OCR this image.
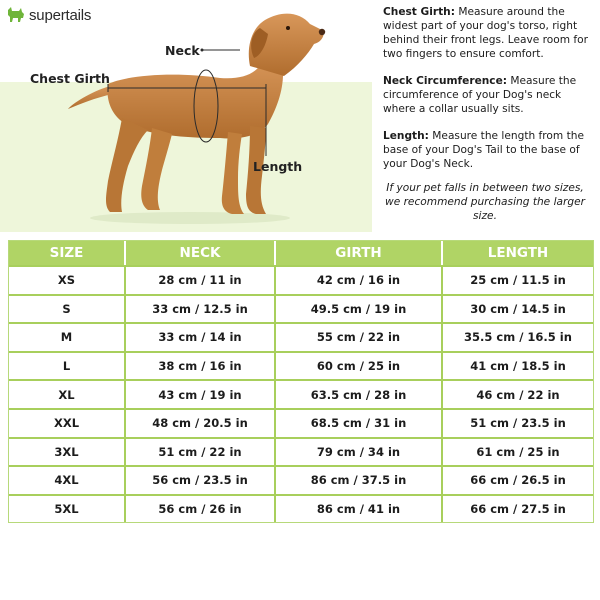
supertails
Neck
Chest Girth
Length
Chest Girth: Measure around the widest part of your dog's torso, right behind their front legs. Leave room for two fingers to ensure comfort.
Neck Circumference: Measure the circumference of your Dog's neck where a collar usually sits.
Length: Measure the length from the base of your Dog's Tail to the base of your Dog's Neck.
If your pet falls in between two sizes, we recommend purchasing the larger size.
SIZE	NECK	GIRTH	LENGTH
XS	28 cm / 11 in	42 cm / 16 in	25 cm / 11.5 in
S	33 cm / 12.5 in	49.5 cm / 19 in	30 cm / 14.5 in
M	33 cm / 14 in	55 cm / 22 in	35.5 cm / 16.5 in
L	38 cm / 16 in	60 cm / 25 in	41 cm / 18.5 in
XL	43 cm / 19 in	63.5 cm / 28 in	46 cm / 22 in
XXL	48 cm / 20.5 in	68.5 cm / 31 in	51 cm / 23.5 in
3XL	51 cm / 22 in	79 cm / 34 in	61 cm / 25 in
4XL	56 cm / 23.5 in	86 cm / 37.5 in	66 cm / 26.5 in
5XL	56 cm / 26 in	86 cm / 41 in	66 cm / 27.5 in
